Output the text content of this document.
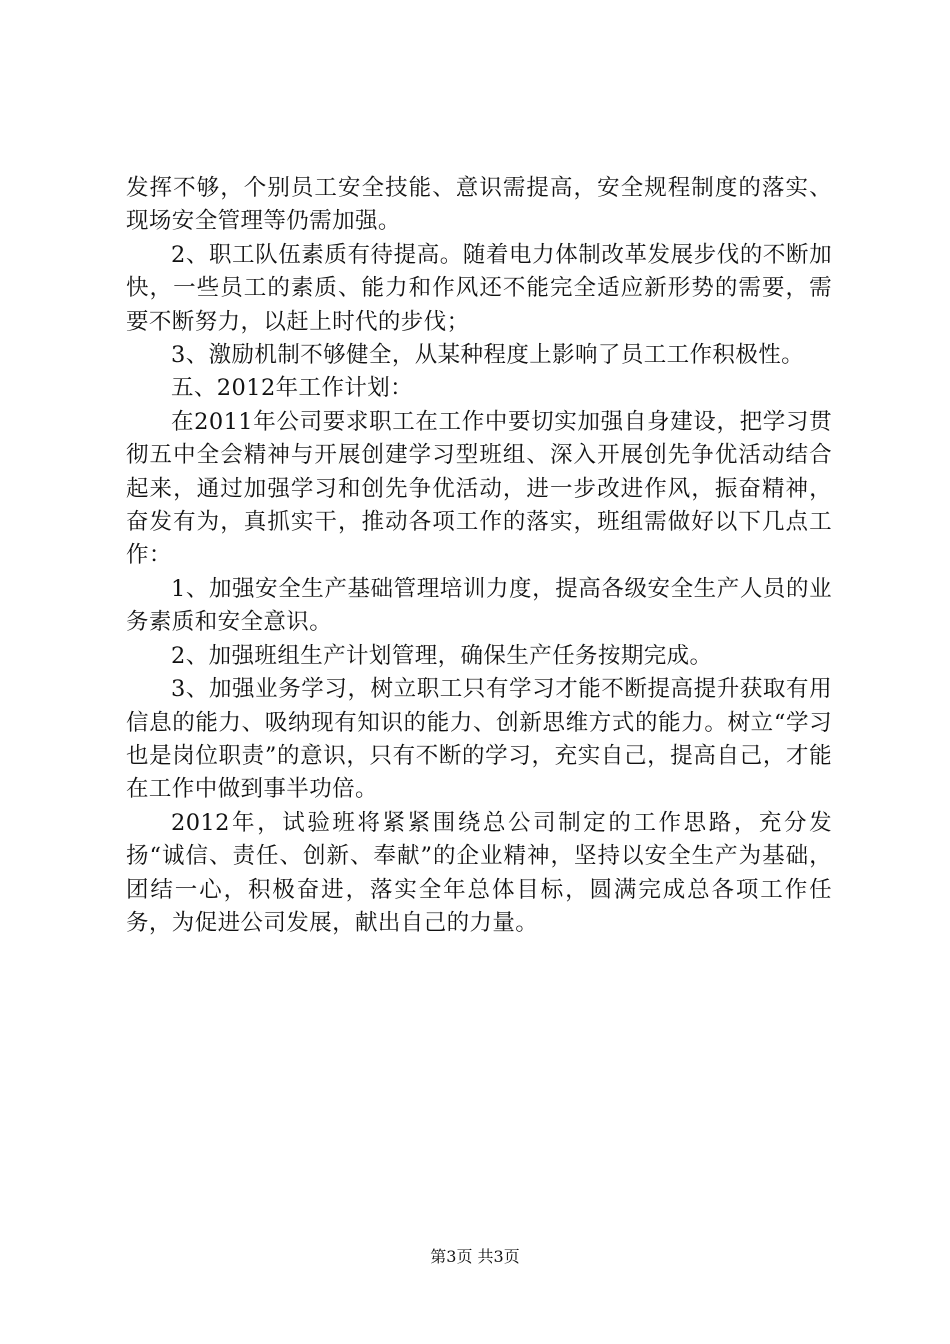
发挥不够，个别员工安全技能、意识需提高，安全规程制度的落实、现场安全管理等仍需加强。

2、职工队伍素质有待提高。随着电力体制改革发展步伐的不断加快，一些员工的素质、能力和作风还不能完全适应新形势的需要，需要不断努力，以赶上时代的步伐；

3、激励机制不够健全，从某种程度上影响了员工工作积极性。

五、2012年工作计划：

在2011年公司要求职工在工作中要切实加强自身建设，把学习贯彻五中全会精神与开展创建学习型班组、深入开展创先争优活动结合起来，通过加强学习和创先争优活动，进一步改进作风，振奋精神，奋发有为，真抓实干，推动各项工作的落实，班组需做好以下几点工作：

1、加强安全生产基础管理培训力度，提高各级安全生产人员的业务素质和安全意识。

2、加强班组生产计划管理，确保生产任务按期完成。

3、加强业务学习，树立职工只有学习才能不断提高提升获取有用信息的能力、吸纳现有知识的能力、创新思维方式的能力。树立“学习也是岗位职责”的意识，只有不断的学习，充实自己，提高自己，才能在工作中做到事半功倍。

2012年，试验班将紧紧围绕总公司制定的工作思路，充分发扬“诚信、责任、创新、奉献”的企业精神，坚持以安全生产为基础，团结一心，积极奋进，落实全年总体目标，圆满完成总各项工作任务，为促进公司发展，献出自己的力量。

第3页 共3页
